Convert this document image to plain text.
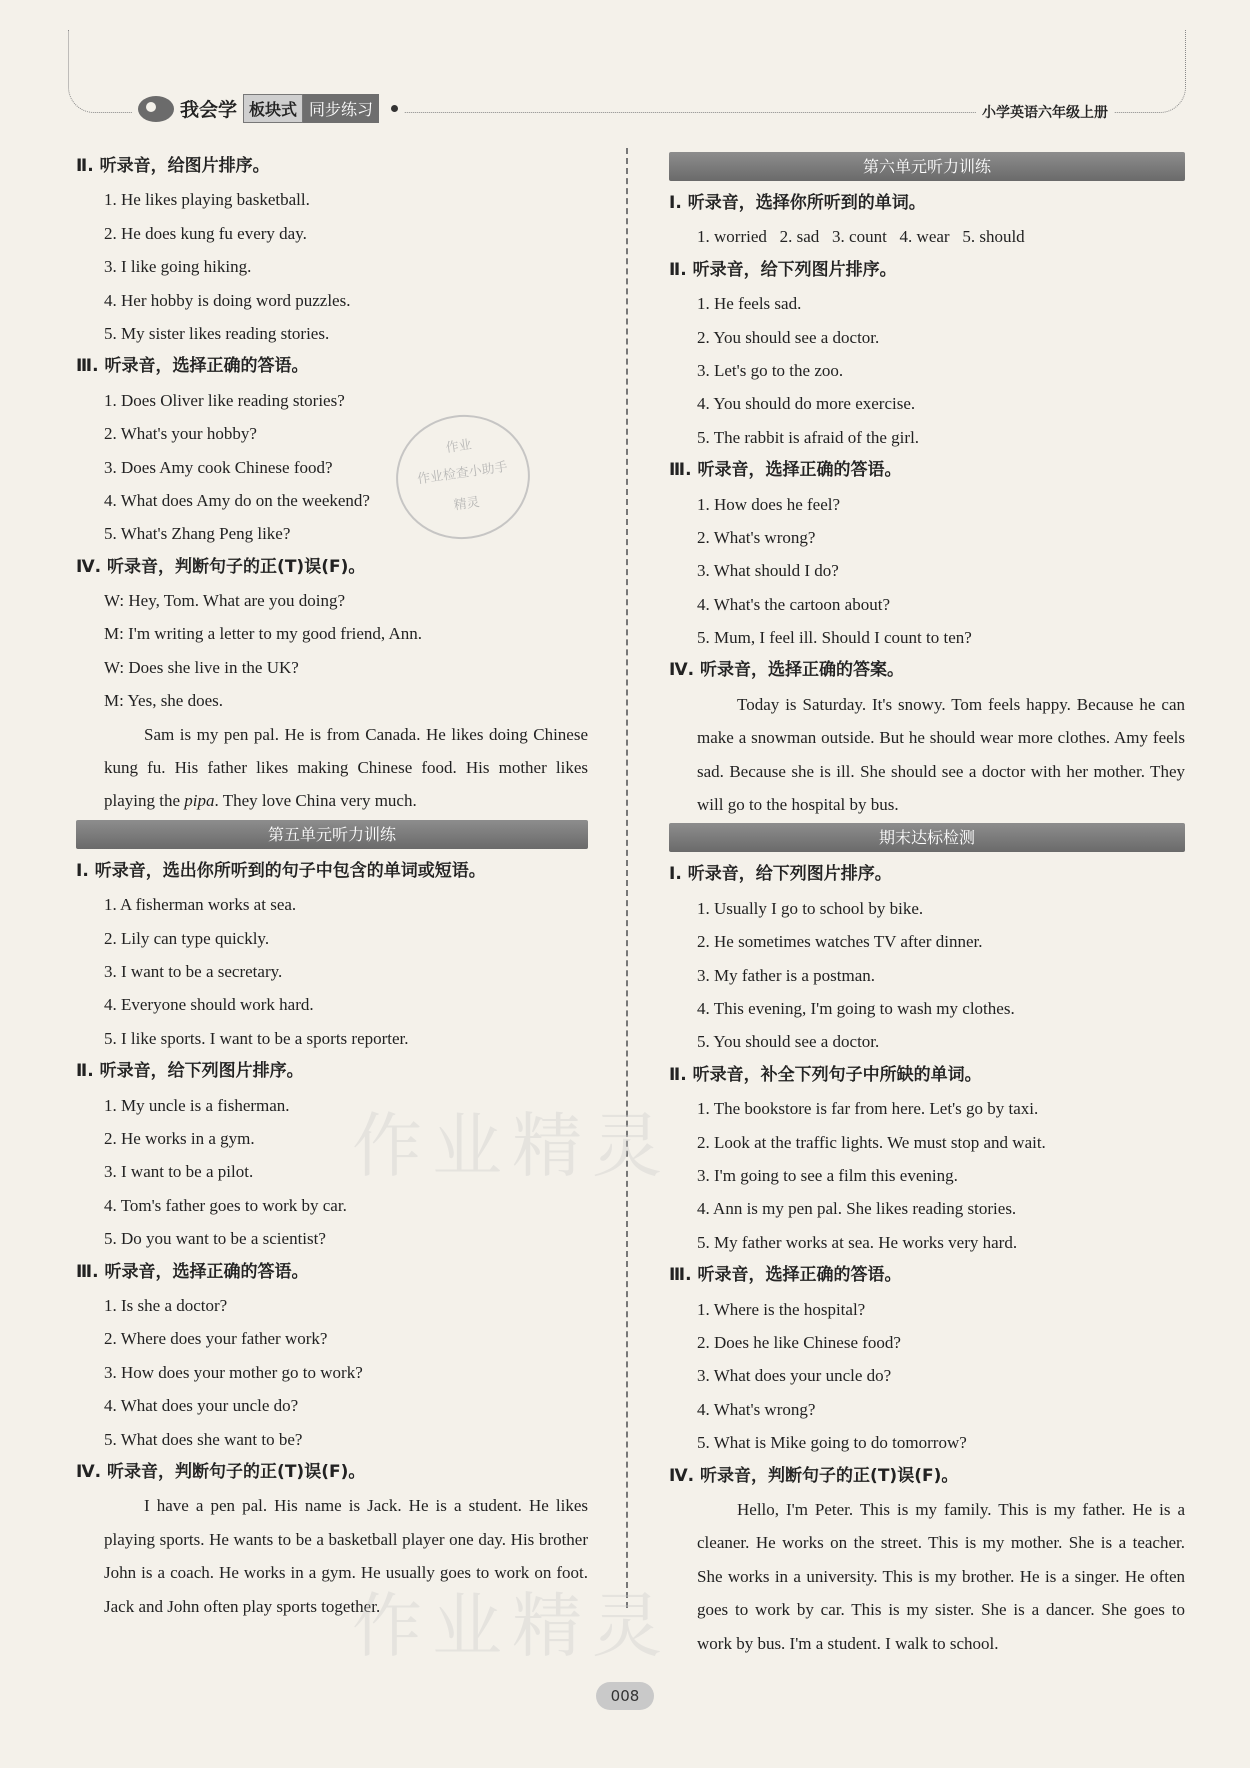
我会学 板块式 同步练习	小学英语六年级上册
Ⅱ. 听录音，给图片排序。
1. He likes playing basketball.
2. He does kung fu every day.
3. I like going hiking.
4. Her hobby is doing word puzzles.
5. My sister likes reading stories.
Ⅲ. 听录音，选择正确的答语。
1. Does Oliver like reading stories?
2. What's your hobby?
3. Does Amy cook Chinese food?
4. What does Amy do on the weekend?
5. What's Zhang Peng like?
Ⅳ. 听录音，判断句子的正(T)误(F)。
W: Hey, Tom. What are you doing?
M: I'm writing a letter to my good friend, Ann.
W: Does she live in the UK?
M: Yes, she does.

Sam is my pen pal. He is from Canada. He likes doing Chinese kung fu. His father likes making Chinese food. His mother likes playing the pipa. They love China very much.

第五单元听力训练
Ⅰ. 听录音，选出你所听到的句子中包含的单词或短语。
1. A fisherman works at sea.
2. Lily can type quickly.
3. I want to be a secretary.
4. Everyone should work hard.
5. I like sports. I want to be a sports reporter.
Ⅱ. 听录音，给下列图片排序。
1. My uncle is a fisherman.
2. He works in a gym.
3. I want to be a pilot.
4. Tom's father goes to work by car.
5. Do you want to be a scientist?
Ⅲ. 听录音，选择正确的答语。
1. Is she a doctor?
2. Where does your father work?
3. How does your mother go to work?
4. What does your uncle do?
5. What does she want to be?
Ⅳ. 听录音，判断句子的正(T)误(F)。

I have a pen pal. His name is Jack. He is a student. He likes playing sports. He wants to be a basketball player one day. His brother John is a coach. He works in a gym. He usually goes to work on foot. Jack and John often play sports together.

第六单元听力训练
Ⅰ. 听录音，选择你所听到的单词。
1. worried   2. sad   3. count   4. wear   5. should
Ⅱ. 听录音，给下列图片排序。
1. He feels sad.
2. You should see a doctor.
3. Let's go to the zoo.
4. You should do more exercise.
5. The rabbit is afraid of the girl.
Ⅲ. 听录音，选择正确的答语。
1. How does he feel?
2. What's wrong?
3. What should I do?
4. What's the cartoon about?
5. Mum, I feel ill. Should I count to ten?
Ⅳ. 听录音，选择正确的答案。

Today is Saturday. It's snowy. Tom feels happy. Because he can make a snowman outside. But he should wear more clothes. Amy feels sad. Because she is ill. She should see a doctor with her mother. They will go to the hospital by bus.

期末达标检测
Ⅰ. 听录音，给下列图片排序。
1. Usually I go to school by bike.
2. He sometimes watches TV after dinner.
3. My father is a postman.
4. This evening, I'm going to wash my clothes.
5. You should see a doctor.
Ⅱ. 听录音，补全下列句子中所缺的单词。
1. The bookstore is far from here. Let's go by taxi.
2. Look at the traffic lights. We must stop and wait.
3. I'm going to see a film this evening.
4. Ann is my pen pal. She likes reading stories.
5. My father works at sea. He works very hard.
Ⅲ. 听录音，选择正确的答语。
1. Where is the hospital?
2. Does he like Chinese food?
3. What does your uncle do?
4. What's wrong?
5. What is Mike going to do tomorrow?
Ⅳ. 听录音，判断句子的正(T)误(F)。

Hello, I'm Peter. This is my family. This is my father. He is a cleaner. He works on the street. This is my mother. She is a teacher. She works in a university. This is my brother. He is a singer. He often goes to work by car. This is my sister. She is a dancer. She goes to work by bus. I'm a student. I walk to school.

作业
作业检查小助手
精灵
作业精灵
作业精灵
008
